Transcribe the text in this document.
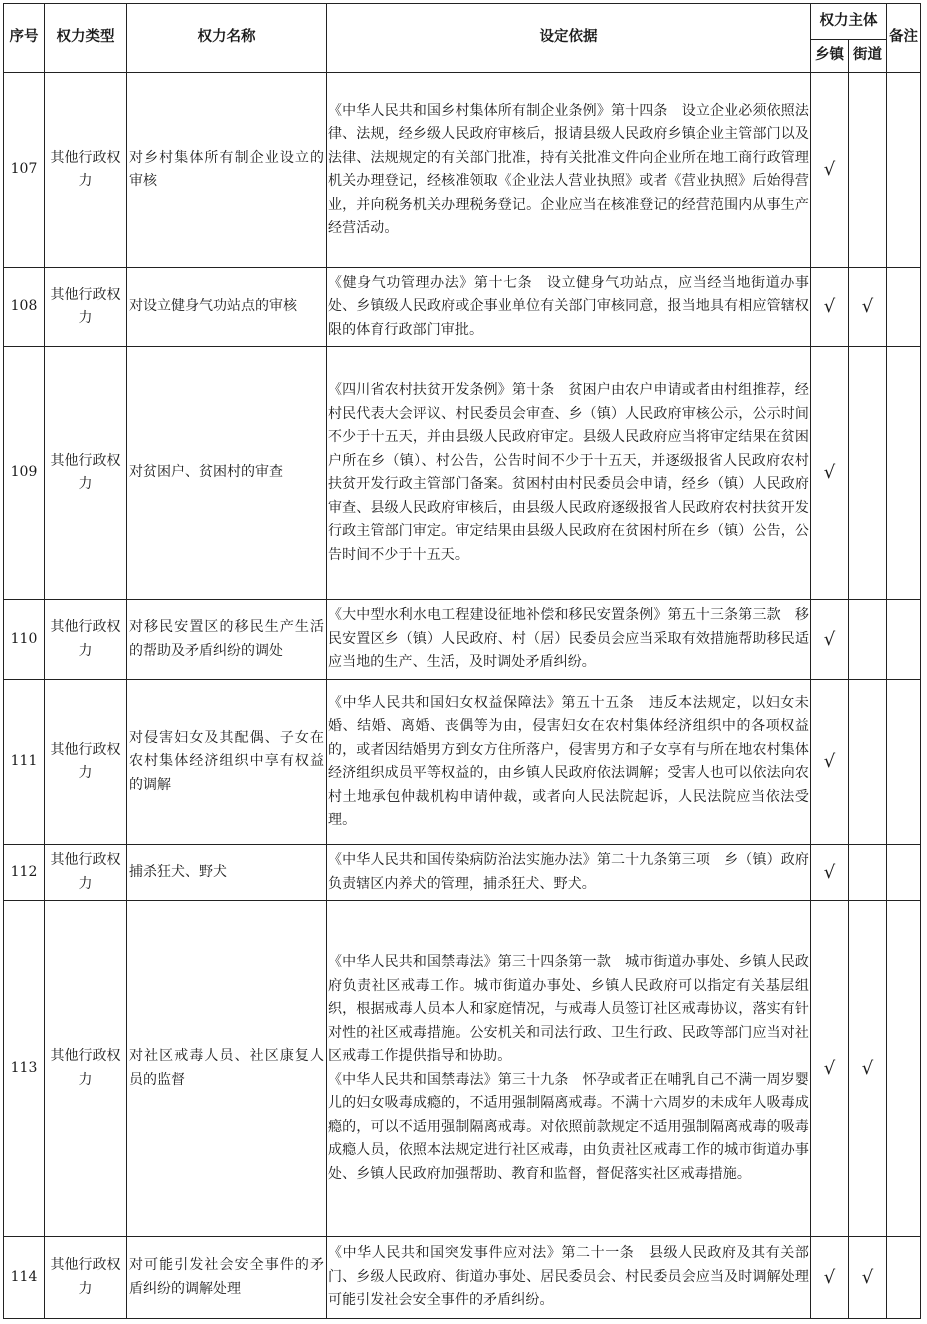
序号	权力类型	权力名称	设定依据	权力主体		备注
				乡镇	街道	
107	其他行政权力	对乡村集体所有制企业设立的审核	《中华人民共和国乡村集体所有制企业条例》第十四条　设立企业必须依照法律、法规，经乡级人民政府审核后，报请县级人民政府乡镇企业主管部门以及法律、法规规定的有关部门批准，持有关批准文件向企业所在地工商行政管理机关办理登记，经核准领取《企业法人营业执照》或者《营业执照》后始得营业，并向税务机关办理税务登记。企业应当在核准登记的经营范围内从事生产经营活动。	√		
108	其他行政权力	对设立健身气功站点的审核	《健身气功管理办法》第十七条　设立健身气功站点，应当经当地街道办事处、乡镇级人民政府或企事业单位有关部门审核同意，报当地具有相应管辖权限的体育行政部门审批。	√	√	
109	其他行政权力	对贫困户、贫困村的审查	《四川省农村扶贫开发条例》第十条　贫困户由农户申请或者由村组推荐，经村民代表大会评议、村民委员会审查、乡（镇）人民政府审核公示，公示时间不少于十五天，并由县级人民政府审定。县级人民政府应当将审定结果在贫困户所在乡（镇）、村公告，公告时间不少于十五天，并逐级报省人民政府农村扶贫开发行政主管部门备案。贫困村由村民委员会申请，经乡（镇）人民政府审查、县级人民政府审核后，由县级人民政府逐级报省人民政府农村扶贫开发行政主管部门审定。审定结果由县级人民政府在贫困村所在乡（镇）公告，公告时间不少于十五天。	√		
110	其他行政权力	对移民安置区的移民生产生活的帮助及矛盾纠纷的调处	《大中型水利水电工程建设征地补偿和移民安置条例》第五十三条第三款　移民安置区乡（镇）人民政府、村（居）民委员会应当采取有效措施帮助移民适应当地的生产、生活，及时调处矛盾纠纷。	√		
111	其他行政权力	对侵害妇女及其配偶、子女在农村集体经济组织中享有权益的调解	《中华人民共和国妇女权益保障法》第五十五条　违反本法规定，以妇女未婚、结婚、离婚、丧偶等为由，侵害妇女在农村集体经济组织中的各项权益的，或者因结婚男方到女方住所落户，侵害男方和子女享有与所在地农村集体经济组织成员平等权益的，由乡镇人民政府依法调解；受害人也可以依法向农村土地承包仲裁机构申请仲裁，或者向人民法院起诉，人民法院应当依法受理。	√		
112	其他行政权力	捕杀狂犬、野犬	《中华人民共和国传染病防治法实施办法》第二十九条第三项　乡（镇）政府负责辖区内养犬的管理，捕杀狂犬、野犬。	√		
113	其他行政权力	对社区戒毒人员、社区康复人员的监督	《中华人民共和国禁毒法》第三十四条第一款　城市街道办事处、乡镇人民政府负责社区戒毒工作。城市街道办事处、乡镇人民政府可以指定有关基层组织，根据戒毒人员本人和家庭情况，与戒毒人员签订社区戒毒协议，落实有针对性的社区戒毒措施。公安机关和司法行政、卫生行政、民政等部门应当对社区戒毒工作提供指导和协助。
《中华人民共和国禁毒法》第三十九条　怀孕或者正在哺乳自己不满一周岁婴儿的妇女吸毒成瘾的，不适用强制隔离戒毒。不满十六周岁的未成年人吸毒成瘾的，可以不适用强制隔离戒毒。对依照前款规定不适用强制隔离戒毒的吸毒成瘾人员，依照本法规定进行社区戒毒，由负责社区戒毒工作的城市街道办事处、乡镇人民政府加强帮助、教育和监督，督促落实社区戒毒措施。	√	√	
114	其他行政权力	对可能引发社会安全事件的矛盾纠纷的调解处理	《中华人民共和国突发事件应对法》第二十一条　县级人民政府及其有关部门、乡级人民政府、街道办事处、居民委员会、村民委员会应当及时调解处理可能引发社会安全事件的矛盾纠纷。	√	√	
